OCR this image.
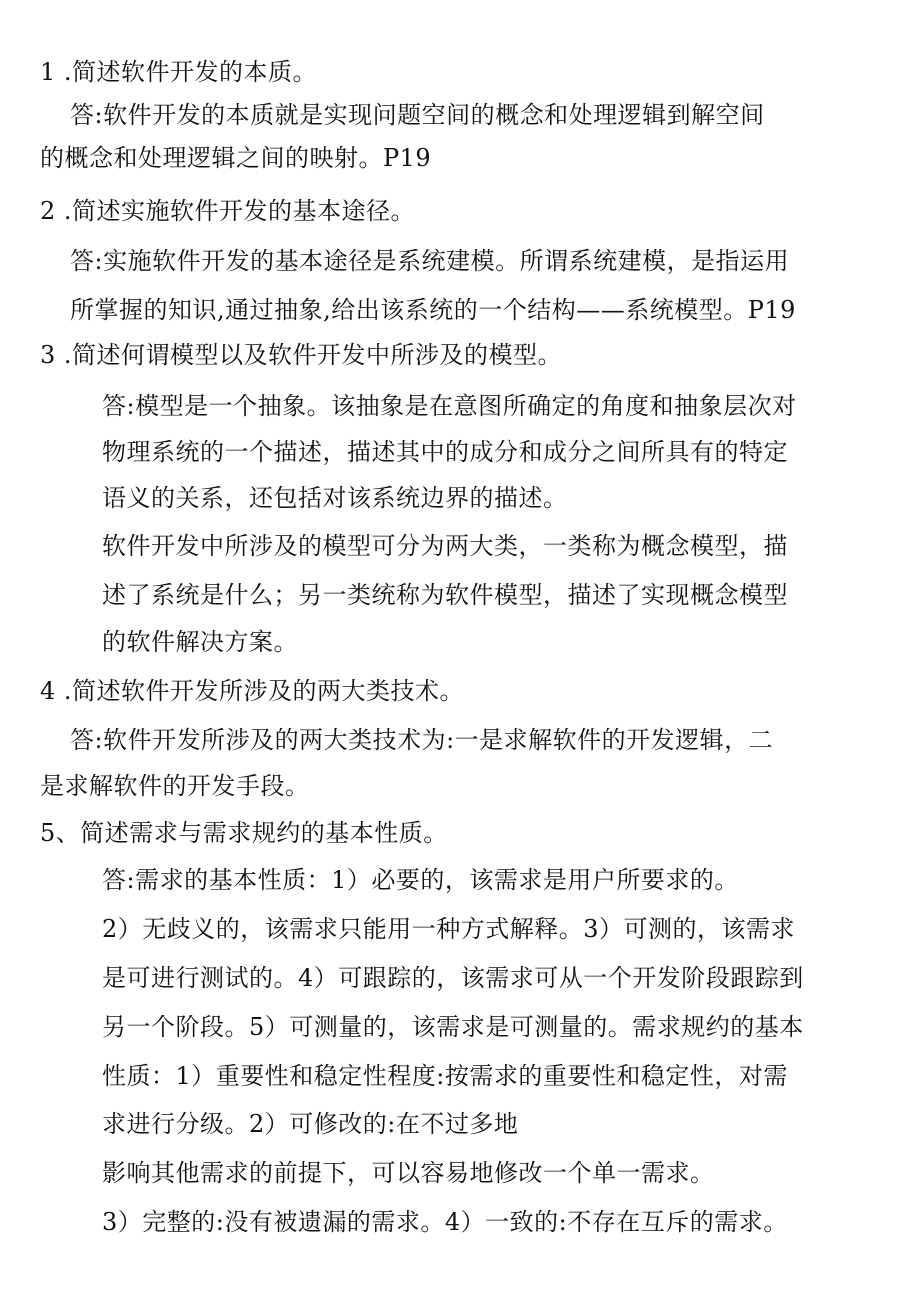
1 .简述软件开发的本质。
答:软件开发的本质就是实现问题空间的概念和处理逻辑到解空间
的概念和处理逻辑之间的映射。P19
2 .简述实施软件开发的基本途径。
答:实施软件开发的基本途径是系统建模。所谓系统建模，是指运用
所掌握的知识,通过抽象,给出该系统的一个结构——系统模型。P19
3 .简述何谓模型以及软件开发中所涉及的模型。
答:模型是一个抽象。该抽象是在意图所确定的角度和抽象层次对
物理系统的一个描述，描述其中的成分和成分之间所具有的特定
语义的关系，还包括对该系统边界的描述。
软件开发中所涉及的模型可分为两大类，一类称为概念模型，描
述了系统是什么；另一类统称为软件模型，描述了实现概念模型
的软件解决方案。
4 .简述软件开发所涉及的两大类技术。
答:软件开发所涉及的两大类技术为:一是求解软件的开发逻辑，二
是求解软件的开发手段。
5、简述需求与需求规约的基本性质。
答:需求的基本性质：1）必要的，该需求是用户所要求的。
2）无歧义的，该需求只能用一种方式解释。3）可测的，该需求
是可进行测试的。4）可跟踪的，该需求可从一个开发阶段跟踪到
另一个阶段。5）可测量的，该需求是可测量的。需求规约的基本
性质：1）重要性和稳定性程度:按需求的重要性和稳定性，对需
求进行分级。2）可修改的:在不过多地
影响其他需求的前提下，可以容易地修改一个单一需求。
3）完整的:没有被遗漏的需求。4）一致的:不存在互斥的需求。
